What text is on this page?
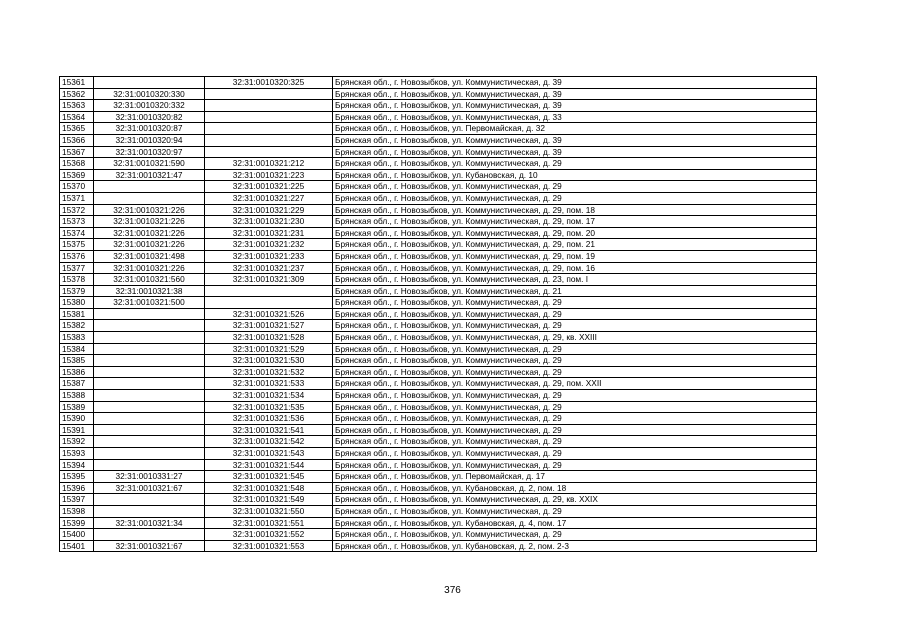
15361		32:31:0010320:325	Брянская обл., г. Новозыбков, ул. Коммунистическая, д. 39
15362	32:31:0010320:330		Брянская обл., г. Новозыбков, ул. Коммунистическая, д. 39
15363	32:31:0010320:332		Брянская обл., г. Новозыбков, ул. Коммунистическая, д. 39
15364	32:31:0010320:82		Брянская обл., г. Новозыбков, ул. Коммунистическая, д. 33
15365	32:31:0010320:87		Брянская обл., г. Новозыбков, ул. Первомайская, д. 32
15366	32:31:0010320:94		Брянская обл., г. Новозыбков, ул. Коммунистическая, д. 39
15367	32:31:0010320:97		Брянская обл., г. Новозыбков, ул. Коммунистическая, д. 39
15368	32:31:0010321:590	32:31:0010321:212	Брянская обл., г. Новозыбков, ул. Коммунистическая, д. 29
15369	32:31:0010321:47	32:31:0010321:223	Брянская обл., г. Новозыбков, ул. Кубановская, д. 10
15370		32:31:0010321:225	Брянская обл., г. Новозыбков, ул. Коммунистическая, д. 29
15371		32:31:0010321:227	Брянская обл., г. Новозыбков, ул. Коммунистическая, д. 29
15372	32:31:0010321:226	32:31:0010321:229	Брянская обл., г. Новозыбков, ул. Коммунистическая, д. 29, пом. 18
15373	32:31:0010321:226	32:31:0010321:230	Брянская обл., г. Новозыбков, ул. Коммунистическая, д. 29, пом. 17
15374	32:31:0010321:226	32:31:0010321:231	Брянская обл., г. Новозыбков, ул. Коммунистическая, д. 29, пом. 20
15375	32:31:0010321:226	32:31:0010321:232	Брянская обл., г. Новозыбков, ул. Коммунистическая, д. 29, пом. 21
15376	32:31:0010321:498	32:31:0010321:233	Брянская обл., г. Новозыбков, ул. Коммунистическая, д. 29, пом. 19
15377	32:31:0010321:226	32:31:0010321:237	Брянская обл., г. Новозыбков, ул. Коммунистическая, д. 29, пом. 16
15378	32:31:0010321:560	32:31:0010321:309	Брянская обл., г. Новозыбков, ул. Коммунистическая, д. 23, пом. I
15379	32:31:0010321:38		Брянская обл., г. Новозыбков, ул. Коммунистическая, д. 21
15380	32:31:0010321:500		Брянская обл., г. Новозыбков, ул. Коммунистическая, д. 29
15381		32:31:0010321:526	Брянская обл., г. Новозыбков, ул. Коммунистическая, д. 29
15382		32:31:0010321:527	Брянская обл., г. Новозыбков, ул. Коммунистическая, д. 29
15383		32:31:0010321:528	Брянская обл., г. Новозыбков, ул. Коммунистическая, д. 29, кв. XXIII
15384		32:31:0010321:529	Брянская обл., г. Новозыбков, ул. Коммунистическая, д. 29
15385		32:31:0010321:530	Брянская обл., г. Новозыбков, ул. Коммунистическая, д. 29
15386		32:31:0010321:532	Брянская обл., г. Новозыбков, ул. Коммунистическая, д. 29
15387		32:31:0010321:533	Брянская обл., г. Новозыбков, ул. Коммунистическая, д. 29, пом. XXII
15388		32:31:0010321:534	Брянская обл., г. Новозыбков, ул. Коммунистическая, д. 29
15389		32:31:0010321:535	Брянская обл., г. Новозыбков, ул. Коммунистическая, д. 29
15390		32:31:0010321:536	Брянская обл., г. Новозыбков, ул. Коммунистическая, д. 29
15391		32:31:0010321:541	Брянская обл., г. Новозыбков, ул. Коммунистическая, д. 29
15392		32:31:0010321:542	Брянская обл., г. Новозыбков, ул. Коммунистическая, д. 29
15393		32:31:0010321:543	Брянская обл., г. Новозыбков, ул. Коммунистическая, д. 29
15394		32:31:0010321:544	Брянская обл., г. Новозыбков, ул. Коммунистическая, д. 29
15395	32:31:0010331:27	32:31:0010321:545	Брянская обл., г. Новозыбков, ул. Первомайская, д. 17
15396	32:31:0010321:67	32:31:0010321:548	Брянская обл., г. Новозыбков, ул. Кубановская, д. 2, пом. 18
15397		32:31:0010321:549	Брянская обл., г. Новозыбков, ул. Коммунистическая, д. 29, кв. XXIX
15398		32:31:0010321:550	Брянская обл., г. Новозыбков, ул. Коммунистическая, д. 29
15399	32:31:0010321:34	32:31:0010321:551	Брянская обл., г. Новозыбков, ул. Кубановская, д. 4, пом. 17
15400		32:31:0010321:552	Брянская обл., г. Новозыбков, ул. Коммунистическая, д. 29
15401	32:31:0010321:67	32:31:0010321:553	Брянская обл., г. Новозыбков, ул. Кубановская, д. 2, пом. 2-3
376
